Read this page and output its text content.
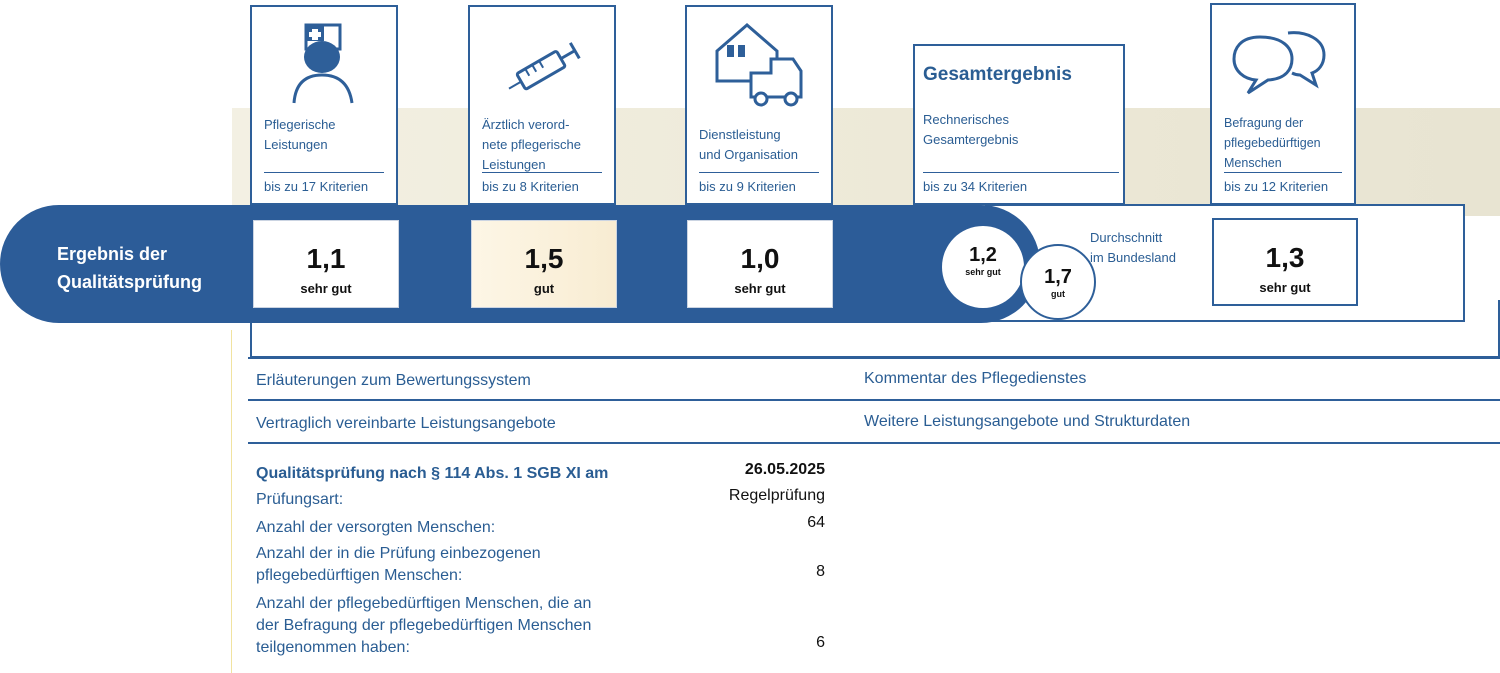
Pflegerische
Leistungen
bis zu 17 Kriterien
Ärztlich verord-
nete pflegerische
Leistungen
bis zu 8 Kriterien
Dienstleistung
und Organisation
bis zu 9 Kriterien
Gesamtergebnis
Rechnerisches
Gesamtergebnis
bis zu 34 Kriterien
Befragung der
pflegebedürftigen
Menschen
bis zu 12 Kriterien
Ergebnis der
Qualitätsprüfung
1,1
sehr gut
1,5
gut
1,0
sehr gut
1,2
sehr gut	1,7
gut
Durchschnitt
im Bundesland	1,3
sehr gut
Erläuterungen zum Bewertungssystem	Kommentar des Pflegedienstes
Vertraglich vereinbarte Leistungsangebote	Weitere Leistungsangebote und Strukturdaten
Qualitätsprüfung nach § 114 Abs. 1 SGB XI am	26.05.2025
Prüfungsart:	Regelprüfung
Anzahl der versorgten Menschen:	64
Anzahl der in die Prüfung einbezogenen
pflegebedürftigen Menschen:	8
Anzahl der pflegebedürftigen Menschen, die an
der Befragung der pflegebedürftigen Menschen
teilgenommen haben:	6
